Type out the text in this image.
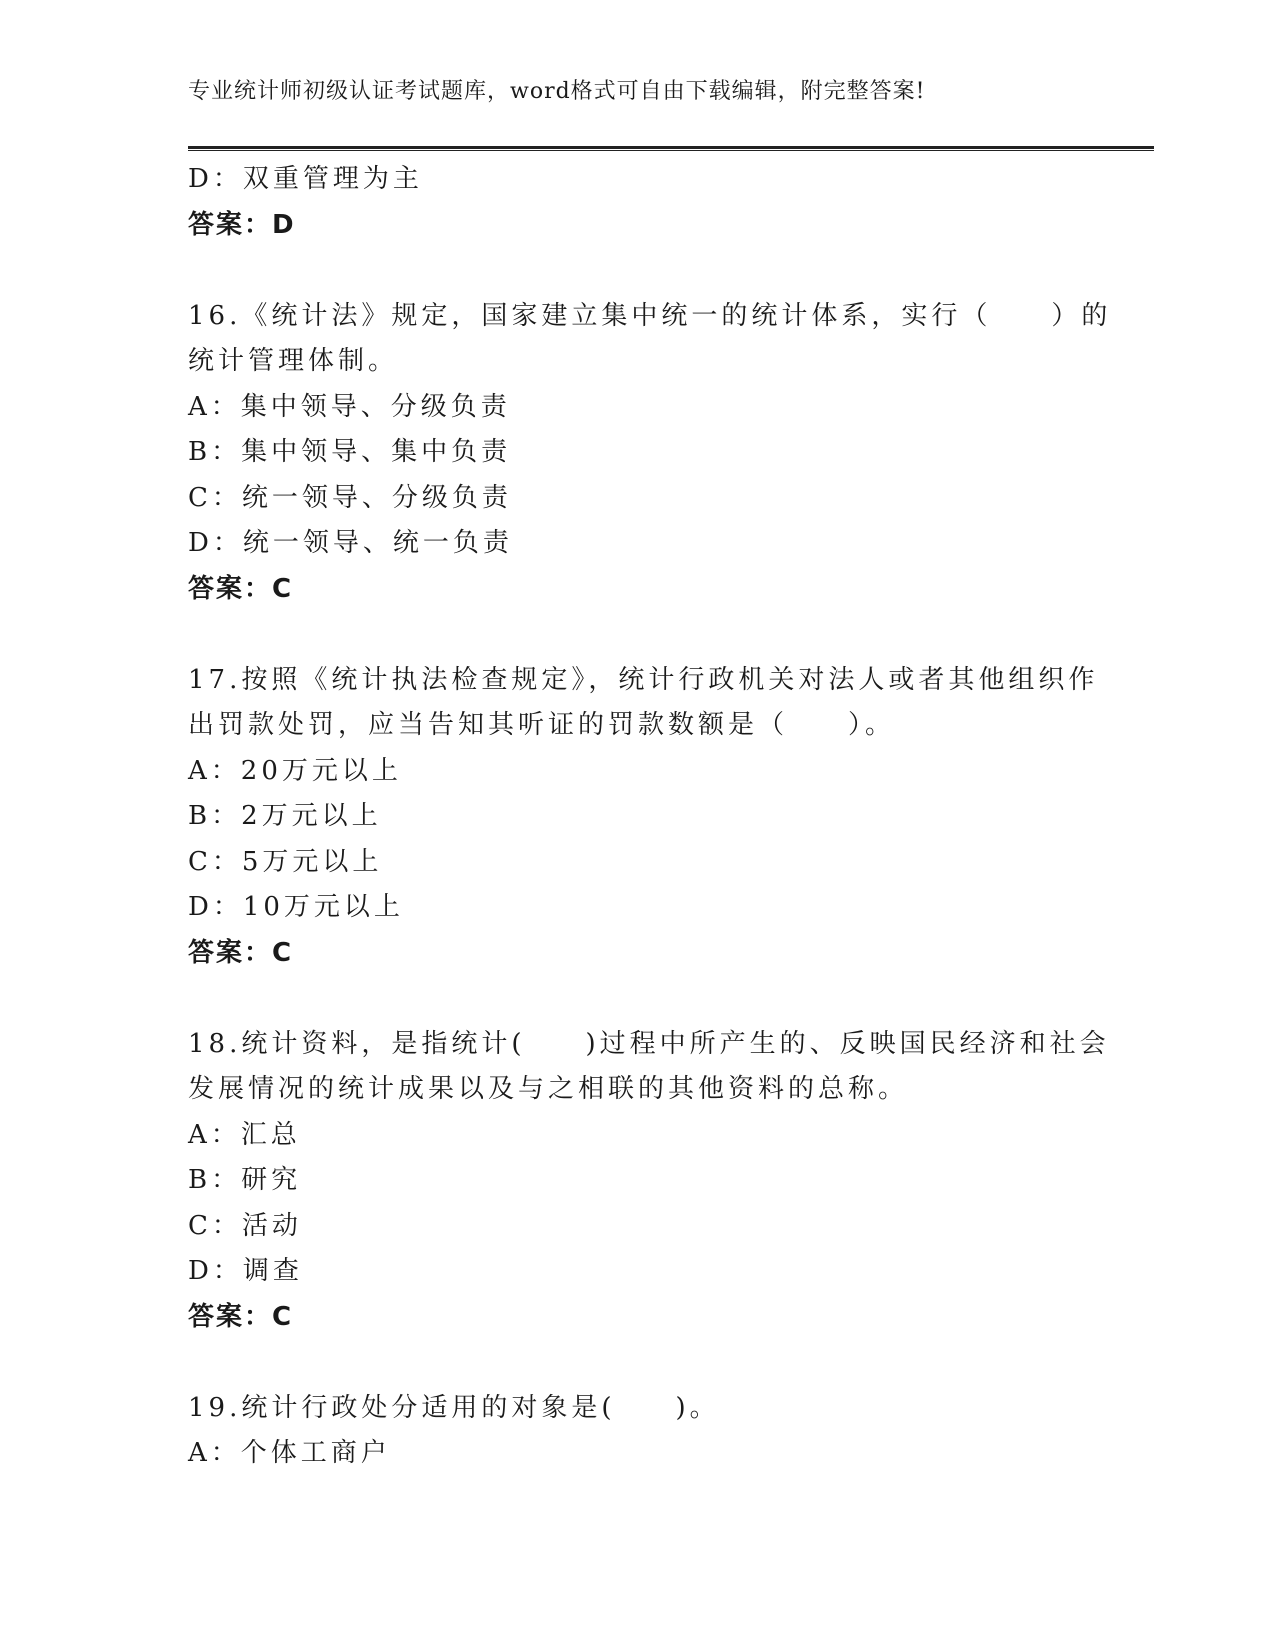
专业统计师初级认证考试题库，word格式可自由下载编辑，附完整答案!
D：双重管理为主
答案：D
16.《统计法》规定，国家建立集中统一的统计体系，实行（　　）的
统计管理体制。
A：集中领导、分级负责
B：集中领导、集中负责
C：统一领导、分级负责
D：统一领导、统一负责
答案：C
17.按照《统计执法检查规定》，统计行政机关对法人或者其他组织作
出罚款处罚，应当告知其听证的罚款数额是（　　）。
A：20万元以上
B：2万元以上
C：5万元以上
D：10万元以上
答案：C
18.统计资料，是指统计(　　)过程中所产生的、反映国民经济和社会
发展情况的统计成果以及与之相联的其他资料的总称。
A：汇总
B：研究
C：活动
D：调查
答案：C
19.统计行政处分适用的对象是(　　)。
A：个体工商户
